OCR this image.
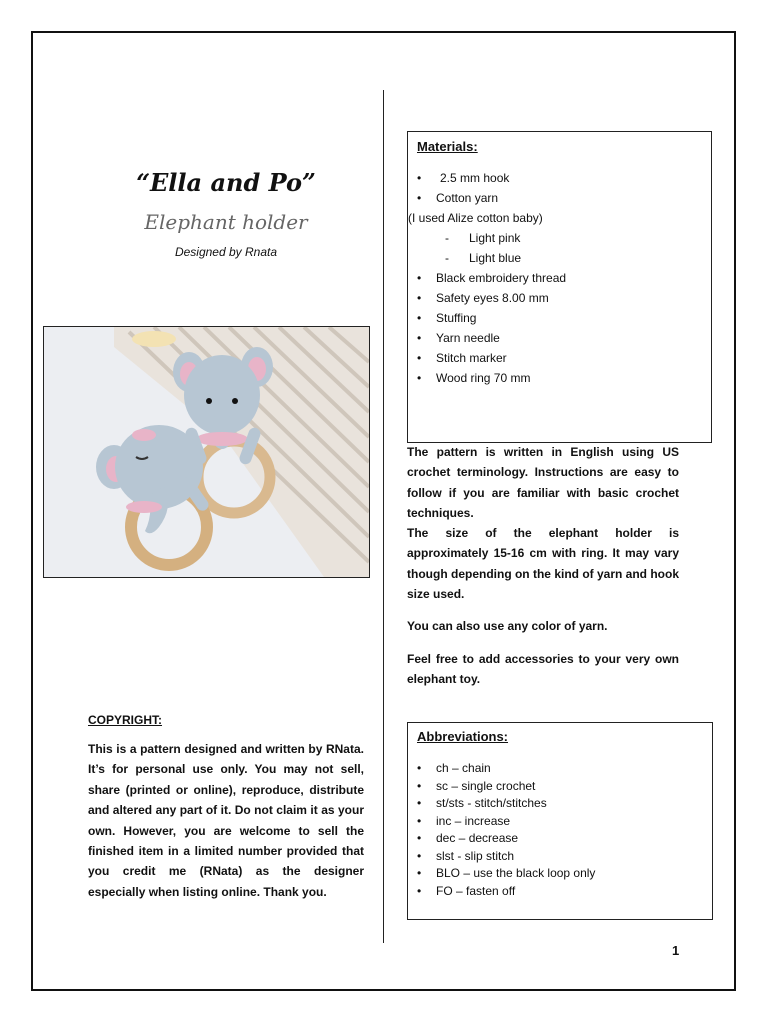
“Ella and Po”
Elephant holder
Designed by Rnata
COPYRIGHT:
This is a pattern designed and written by RNata. It’s for personal use only. You may not sell, share (printed or online), reproduce, distribute and altered any part of it. Do not claim it as your own. However, you are welcome to sell the finished item in a limited number provided that you credit me (RNata) as the designer especially when listing online. Thank you.
Materials:
• 2.5 mm hook
• Cotton yarn
(I used Alize cotton baby)
- Light pink
- Light blue
• Black embroidery thread
• Safety eyes 8.00 mm
• Stuffing
• Yarn needle
• Stitch marker
• Wood ring 70 mm

The pattern is written in English using US crochet terminology. Instructions are easy to follow if you are familiar with basic crochet techniques.

The size of the elephant holder is approximately 15-16 cm with ring. It may vary though depending on the kind of yarn and hook size used.

You can also use any color of yarn.

Feel free to add accessories to your very own elephant toy.

Abbreviations:
• ch – chain
• sc – single crochet
• st/sts - stitch/stitches
• inc – increase
• dec – decrease
• slst - slip stitch
• BLO – use the black loop only
• FO – fasten off
1
